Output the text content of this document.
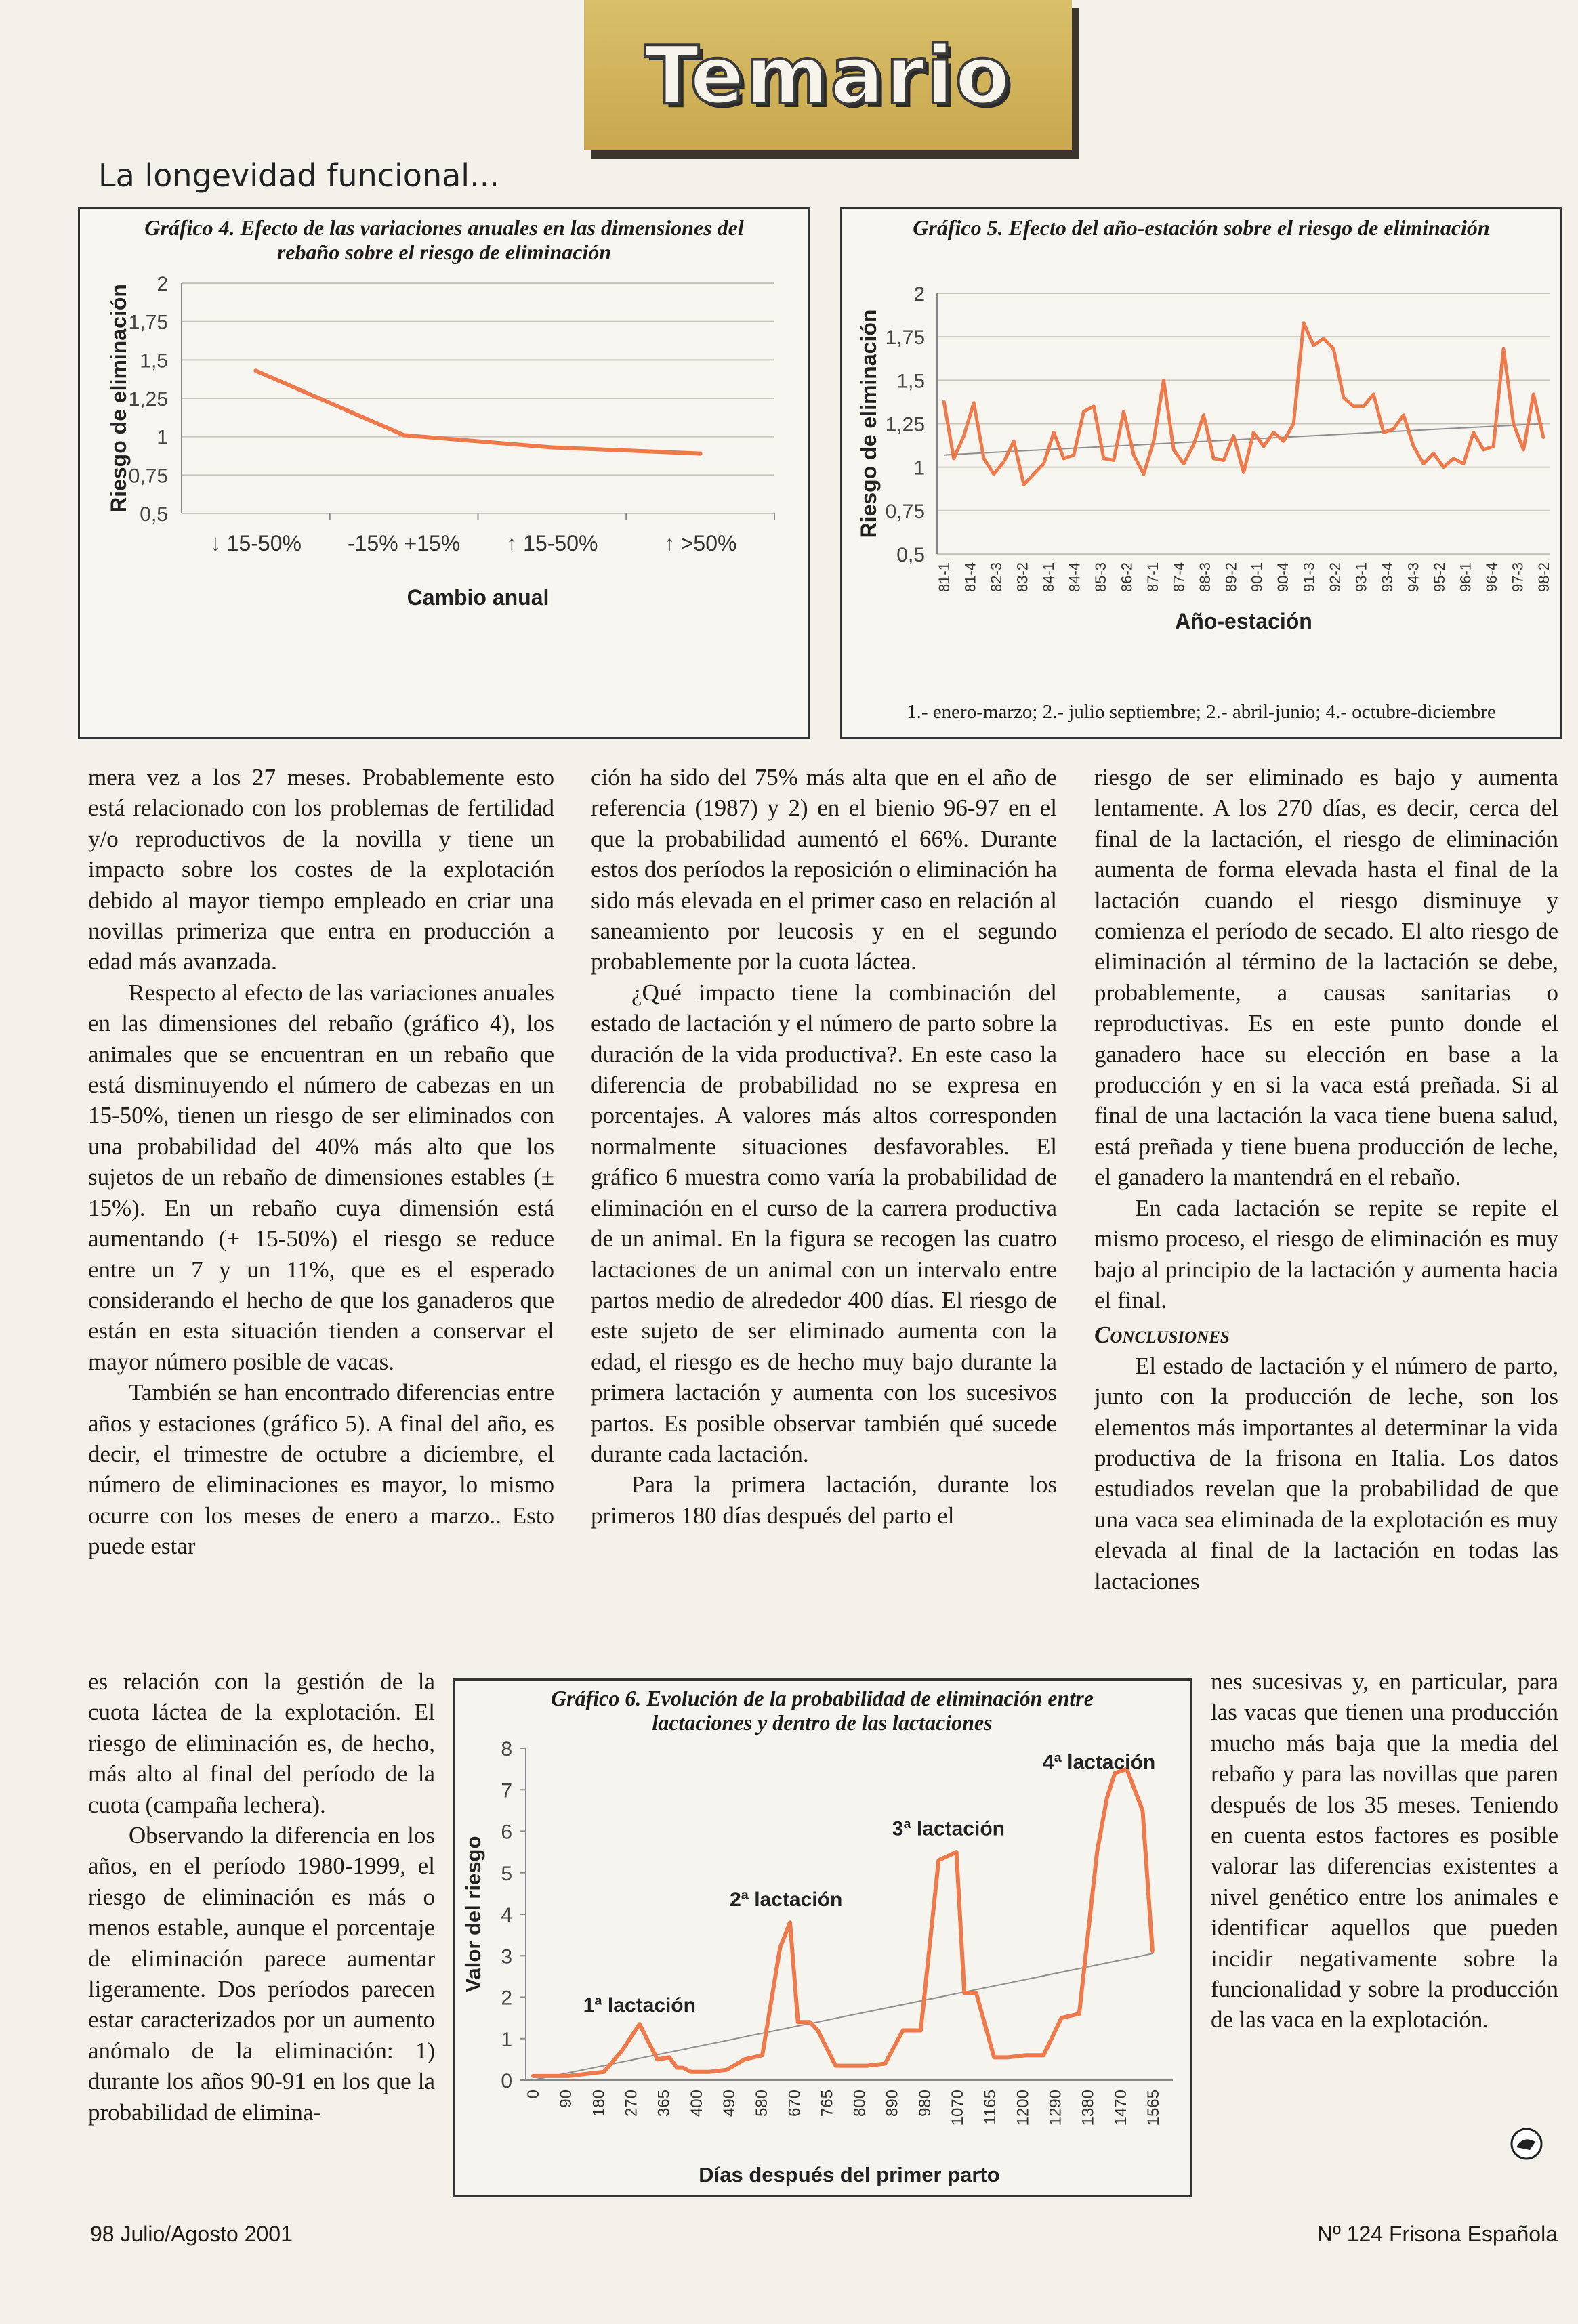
Temario
La longevidad funcional...
Gráfico 4. Efecto de las variaciones anuales en las dimensiones del
rebaño sobre el riesgo de eliminación
0,5
0,75
1
1,25
1,5
1,75
2
↓ 15-50% -15% +15% ↑ 15-50%	↑ >50%
Cambio anual
Riesgo de eliminación
Gráfico 5. Efecto del año-estación sobre el riesgo de eliminación
0,5
0,75
1
1,25
1,5
1,75
2
81-1 81-4 82-3 83-2 84-1 84-4 85-3 86-2 87-1 87-4 88-3 89-2 90-1 90-4 91-3 92-2 93-1 93-4 94-3 95-2 96-1 96-4 97-3 98-2
Año-estación
Riesgo de eliminación
1.- enero-marzo; 2.- julio septiembre; 2.- abril-junio; 4.- octubre-diciembre

mera vez a los 27 meses. Probablemente esto está relacionado con los problemas de fertilidad y/o reproductivos de la novilla y tiene un impacto sobre los costes de la explotación debido al mayor tiempo empleado en criar una novillas primeriza que entra en producción a edad más avanzada.

Respecto al efecto de las variaciones anuales en las dimensiones del rebaño (gráfico 4), los animales que se encuentran en un rebaño que está disminuyendo el número de cabezas en un 15-50%, tienen un riesgo de ser eliminados con una probabilidad del 40% más alto que los sujetos de un rebaño de dimensiones estables (± 15%). En un rebaño cuya dimensión está aumentando (+ 15-50%) el riesgo se reduce entre un 7 y un 11%, que es el esperado considerando el hecho de que los ganaderos que están en esta situación tienden a conservar el mayor número posible de vacas.

También se han encontrado diferencias entre años y estaciones (gráfico 5). A final del año, es decir, el trimestre de octubre a diciembre, el número de eliminaciones es mayor, lo mismo ocurre con los meses de enero a marzo.. Esto puede estar

es relación con la gestión de la cuota láctea de la explotación. El riesgo de eliminación es, de hecho, más alto al final del período de la cuota (campaña lechera).

Observando la diferencia en los años, en el período 1980-1999, el riesgo de eliminación es más o menos estable, aunque el porcentaje de eliminación parece aumentar ligeramente. Dos períodos parecen estar caracterizados por un aumento anómalo de la eliminación: 1) durante los años 90-91 en los que la probabilidad de elimina-

ción ha sido del 75% más alta que en el año de referencia (1987) y 2) en el bienio 96-97 en el que la probabilidad aumentó el 66%. Durante estos dos períodos la reposición o eliminación ha sido más elevada en el primer caso en relación al saneamiento por leucosis y en el segundo probablemente por la cuota láctea.

¿Qué impacto tiene la combinación del estado de lactación y el número de parto sobre la duración de la vida productiva?. En este caso la diferencia de probabilidad no se expresa en porcentajes. A valores más altos corresponden normalmente situaciones desfavorables. El gráfico 6 muestra como varía la probabilidad de eliminación en el curso de la carrera productiva de un animal. En la figura se recogen las cuatro lactaciones de un animal con un intervalo entre partos medio de alrededor 400 días. El riesgo de este sujeto de ser eliminado aumenta con la edad, el riesgo es de hecho muy bajo durante la primera lactación y aumenta con los sucesivos partos. Es posible observar también qué sucede durante cada lactación.

Para la primera lactación, durante los primeros 180 días después del parto el

riesgo de ser eliminado es bajo y aumenta lentamente. A los 270 días, es decir, cerca del final de la lactación, el riesgo de eliminación aumenta de forma elevada hasta el final de la lactación cuando el riesgo disminuye y comienza el período de secado. El alto riesgo de eliminación al término de la lactación se debe, probablemente, a causas sanitarias o reproductivas. Es en este punto donde el ganadero hace su elección en base a la producción y en si la vaca está preñada. Si al final de una lactación la vaca tiene buena salud, está preñada y tiene buena producción de leche, el ganadero la mantendrá en el rebaño.

En cada lactación se repite se repite el mismo proceso, el riesgo de eliminación es muy bajo al principio de la lactación y aumenta hacia el final.

Conclusiones

El estado de lactación y el número de parto, junto con la producción de leche, son los elementos más importantes al determinar la vida productiva de la frisona en Italia. Los datos estudiados revelan que la probabilidad de que una vaca sea eliminada de la explotación es muy elevada al final de la lactación en todas las lactaciones

nes sucesivas y, en particular, para las vacas que tienen una producción mucho más baja que la media del rebaño y para las novillas que paren después de los 35 meses. Teniendo en cuenta estos factores es posible valorar las diferencias existentes a nivel genético entre los animales e identificar aquellos que pueden incidir negativamente sobre la funcionalidad y sobre la producción de las vaca en la explotación.

Gráfico 6. Evolución de la probabilidad de eliminación entre
lactaciones y dentro de las lactaciones
0
1
2
3
4
5
6
7
8
0 90 180 270 365 400 490 580 670 765 800 890 980 1070 1165 1200 1290 1380 1470 1565
1ª lactación
2ª lactación
3ª lactación
4ª lactación
Días después del primer parto
Valor del riesgo
98 Julio/Agosto 2001	Nº 124 Frisona Española
